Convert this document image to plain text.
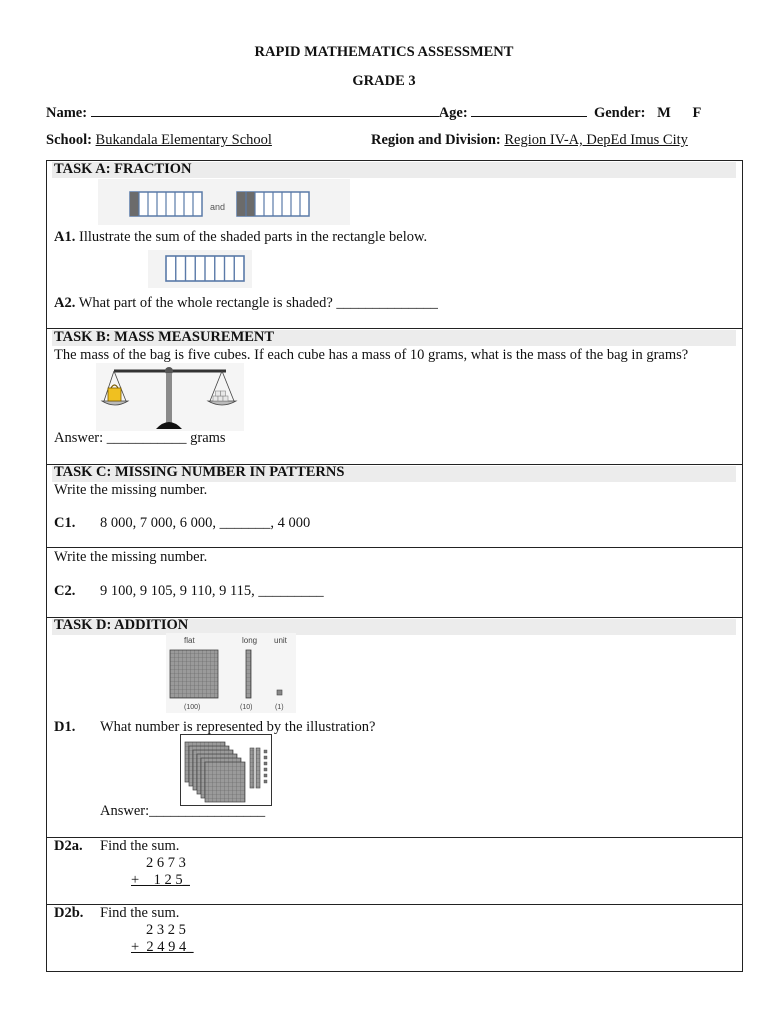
RAPID MATHEMATICS ASSESSMENT
GRADE 3
Name:	Age:	Gender: M F
School: Bukandala Elementary School	Region and Division: Region IV-A, DepEd Imus City
TASK A: FRACTION
and
A1. Illustrate the sum of the shaded parts in the rectangle below.
A2. What part of the whole rectangle is shaded? ______________
TASK B: MASS MEASUREMENT
The mass of the bag is five cubes. If each cube has a mass of 10 grams, what is the mass of the bag in grams?
Answer: ___________ grams
TASK C: MISSING NUMBER IN PATTERNS
Write the missing number.
C1. 8 000, 7 000, 6 000, _______, 4 000
Write the missing number.
C2. 9 100, 9 105, 9 110, 9 115, _________
TASK D: ADDITION
flat	long unit
(100)	(10)	(1)
D1. What number is represented by the illustration?
Answer:________________
D2a. Find the sum.
2 6 7 3
+    1 2 5_
D2b. Find the sum.
2 3 2 5
+  2 4 9 4_
